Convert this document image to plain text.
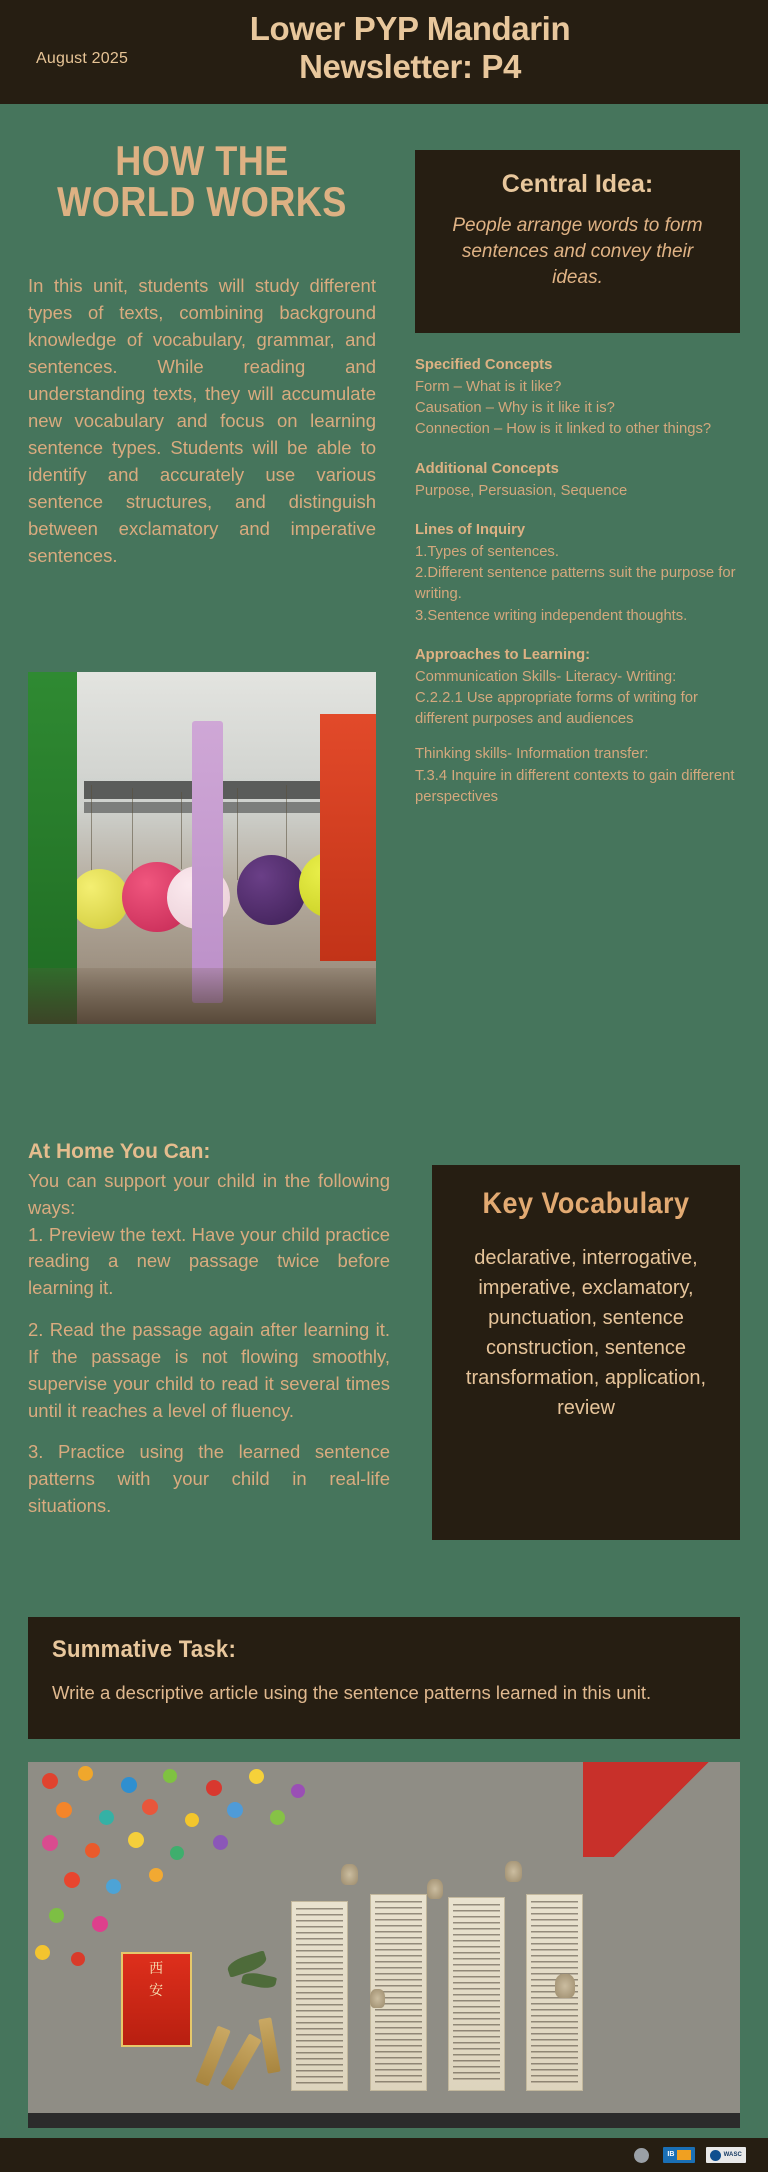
August 2025
Lower PYP Mandarin
Newsletter: P4
HOW THE WORLD WORKS
In this unit, students will study different types of texts, combining background knowledge of vocabulary, grammar, and sentences. While reading and understanding texts, they will accumulate new vocabulary and focus on learning sentence types. Students will be able to identify and accurately use various sentence structures, and distinguish between exclamatory and imperative sentences.
Central Idea:
People arrange words to form sentences and convey their ideas.
Specified Concepts

Form – What is it like?

Causation – Why is it like it is?

Connection – How is it linked to other things?

Additional Concepts

Purpose, Persuasion, Sequence

Lines of Inquiry

1.Types of sentences.

2.Different sentence patterns suit the purpose for writing.

3.Sentence writing independent thoughts.

Approaches to Learning:

Communication Skills- Literacy- Writing:

C.2.2.1 Use appropriate forms of writing for different purposes and audiences

Thinking skills- Information transfer:

T.3.4 Inquire in different contexts to gain different perspectives

At Home You Can:

You can support your child in the following ways:

1. Preview the text. Have your child practice reading a new passage twice before learning it.

2. Read the passage again after learning it. If the passage is not flowing smoothly, supervise your child to read it several times until it reaches a level of fluency.

3. Practice using the learned sentence patterns with your child in real-life situations.

Key Vocabulary
declarative, interrogative, imperative, exclamatory, punctuation, sentence construction, sentence transformation, application, review
Summative Task:
Write a descriptive article using the sentence patterns learned in this unit.
西
安
IB	WASC
